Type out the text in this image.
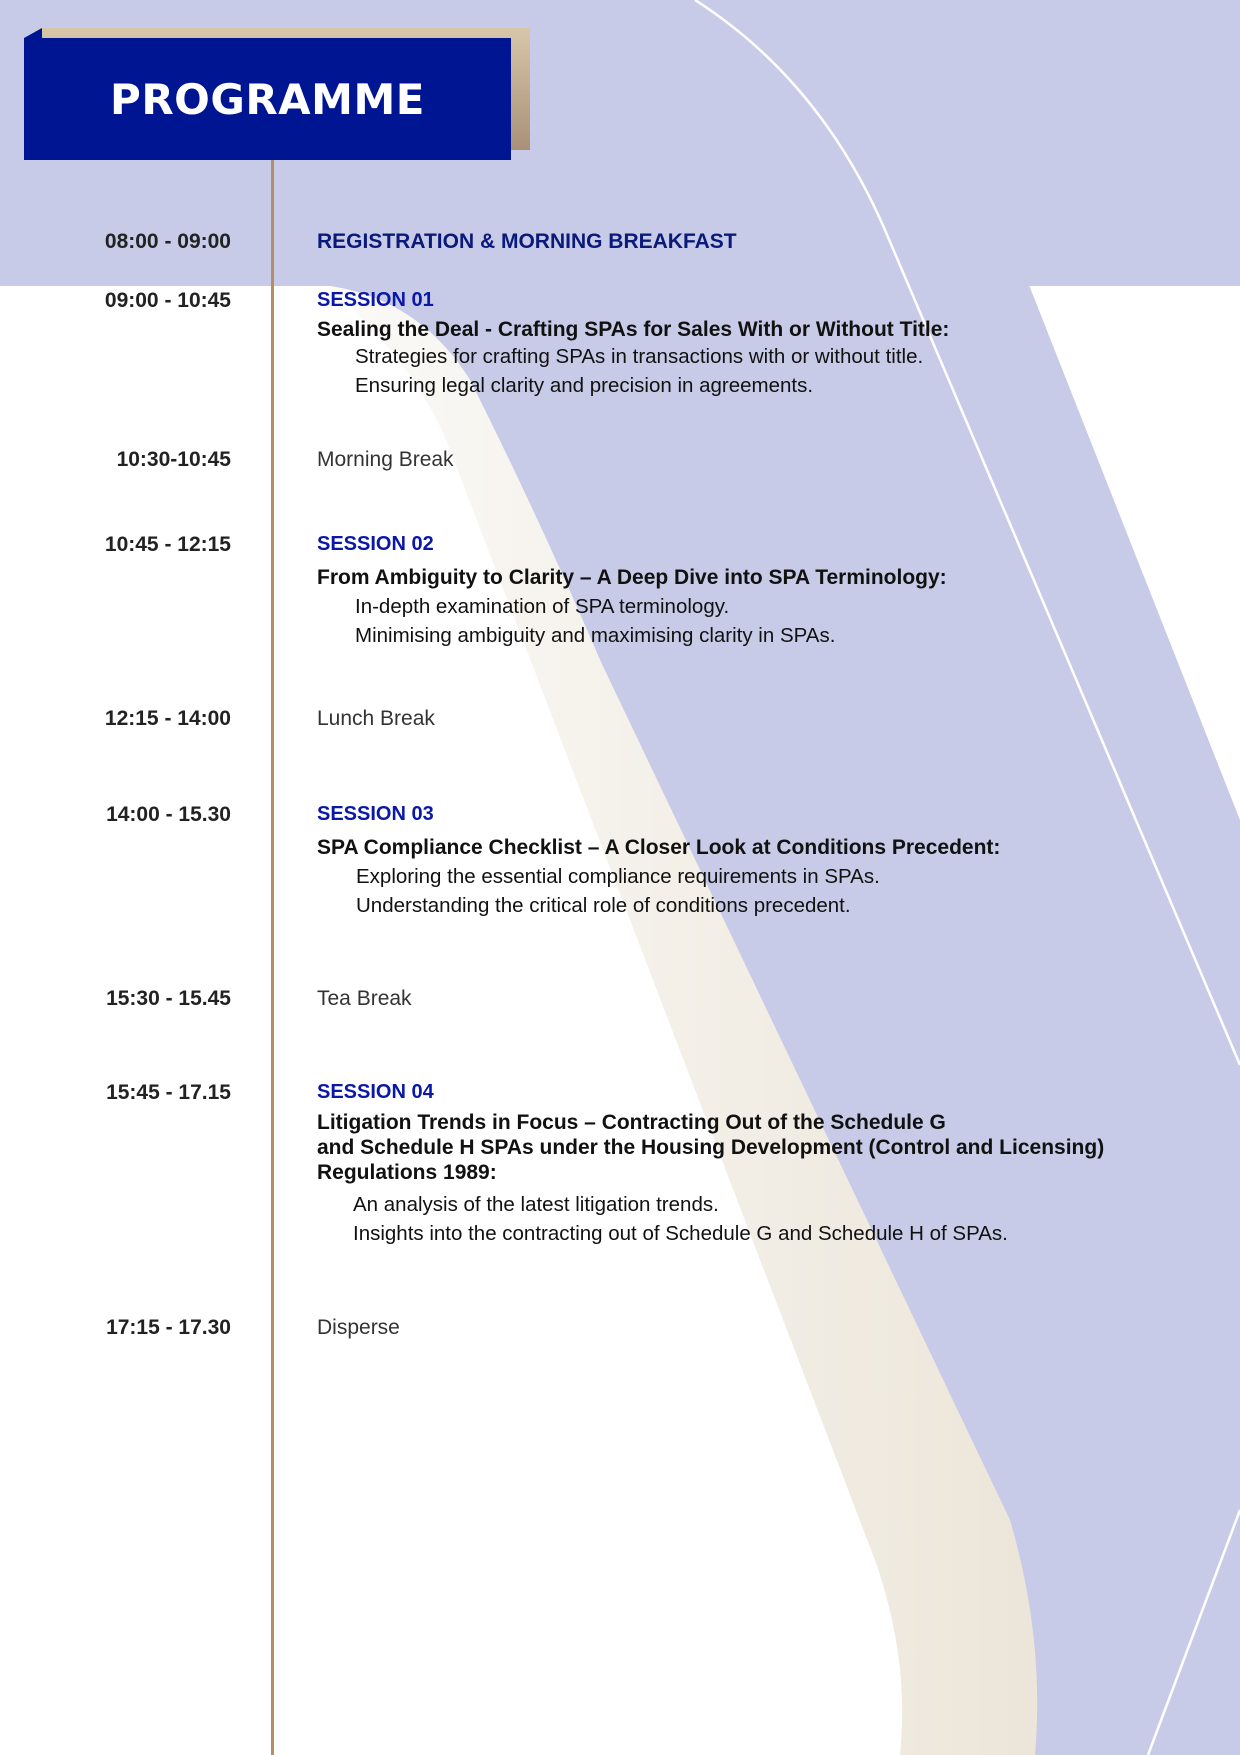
PROGRAMME
08:00 - 09:00	REGISTRATION & MORNING BREAKFAST
09:00 - 10:45	SESSION 01
Sealing the Deal - Crafting SPAs for Sales With or Without Title:
Strategies for crafting SPAs in transactions with or without title.
Ensuring legal clarity and precision in agreements.
10:30-10:45	Morning Break
10:45 - 12:15	SESSION 02
From Ambiguity to Clarity – A Deep Dive into SPA Terminology:
In-depth examination of SPA terminology.
Minimising ambiguity and maximising clarity in SPAs.
12:15 - 14:00	Lunch Break
14:00 - 15.30	SESSION 03
SPA Compliance Checklist – A Closer Look at Conditions Precedent:
Exploring the essential compliance requirements in SPAs.
Understanding the critical role of conditions precedent.
15:30 - 15.45	Tea Break
15:45 - 17.15	SESSION 04
Litigation Trends in Focus – Contracting Out of the Schedule G
and Schedule H SPAs under the Housing Development (Control and Licensing)
Regulations 1989:
An analysis of the latest litigation trends.
Insights into the contracting out of Schedule G and Schedule H of SPAs.
17:15 - 17.30	Disperse
